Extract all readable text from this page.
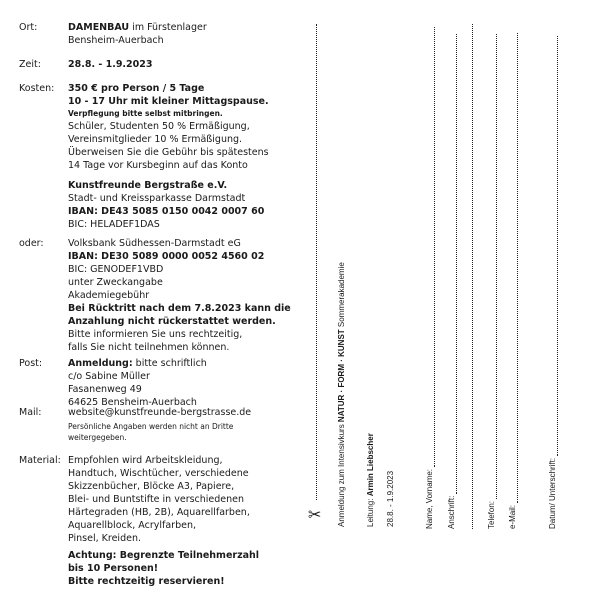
Ort:	DAMENBAU im Fürstenlager
Bensheim-Auerbach
Zeit:	28.8. - 1.9.2023
Kosten: 350 € pro Person / 5 Tage
10 - 17 Uhr mit kleiner Mittagspause.
Verpflegung bitte selbst mitbringen.
Schüler, Studenten 50 % Ermäßigung,
Vereinsmitglieder 10 % Ermäßigung.
Überweisen Sie die Gebühr bis spätestens
14 Tage vor Kursbeginn auf das Konto
Kunstfreunde Bergstraße e.V.
Stadt- und Kreissparkasse Darmstadt
IBAN: DE43 5085 0150 0042 0007 60
BIC: HELADEF1DAS
oder:	Volksbank Südhessen-Darmstadt eG
IBAN: DE30 5089 0000 0052 4560 02
BIC: GENODEF1VBD
unter Zweckangabe
Akademiegebühr
Bei Rücktritt nach dem 7.8.2023 kann die
Anzahlung nicht rückerstattet werden.
Bitte informieren Sie uns rechtzeitig,
falls Sie nicht teilnehmen können.
Post:	Anmeldung: bitte schriftlich
c/o Sabine Müller
Fasanenweg 49
64625 Bensheim-Auerbach
Mail:	website@kunstfreunde-bergstrasse.de
Persönliche Angaben werden nicht an Dritte
weitergegeben.
Material: Empfohlen wird Arbeitskleidung,
Handtuch, Wischtücher, verschiedene
Skizzenbücher, Blöcke A3, Papiere,
Blei- und Buntstifte in verschiedenen
Härtegraden (HB, 2B), Aquarellfarben,
Aquarellblock, Acrylfarben,
Pinsel, Kreiden.
Achtung: Begrenzte Teilnehmerzahl
bis 10 Personen!
Bitte rechtzeitig reservieren!
✂ Anmeldung zum Intensivkurs NATUR · FORM · KUNST Sommerakademie
Leitung: Armin Liebscher
28.8. - 1.9.2023	Name, Vorname: Anschrift:	Telefon: e-Mail:	Datum/ Unterschrift:
